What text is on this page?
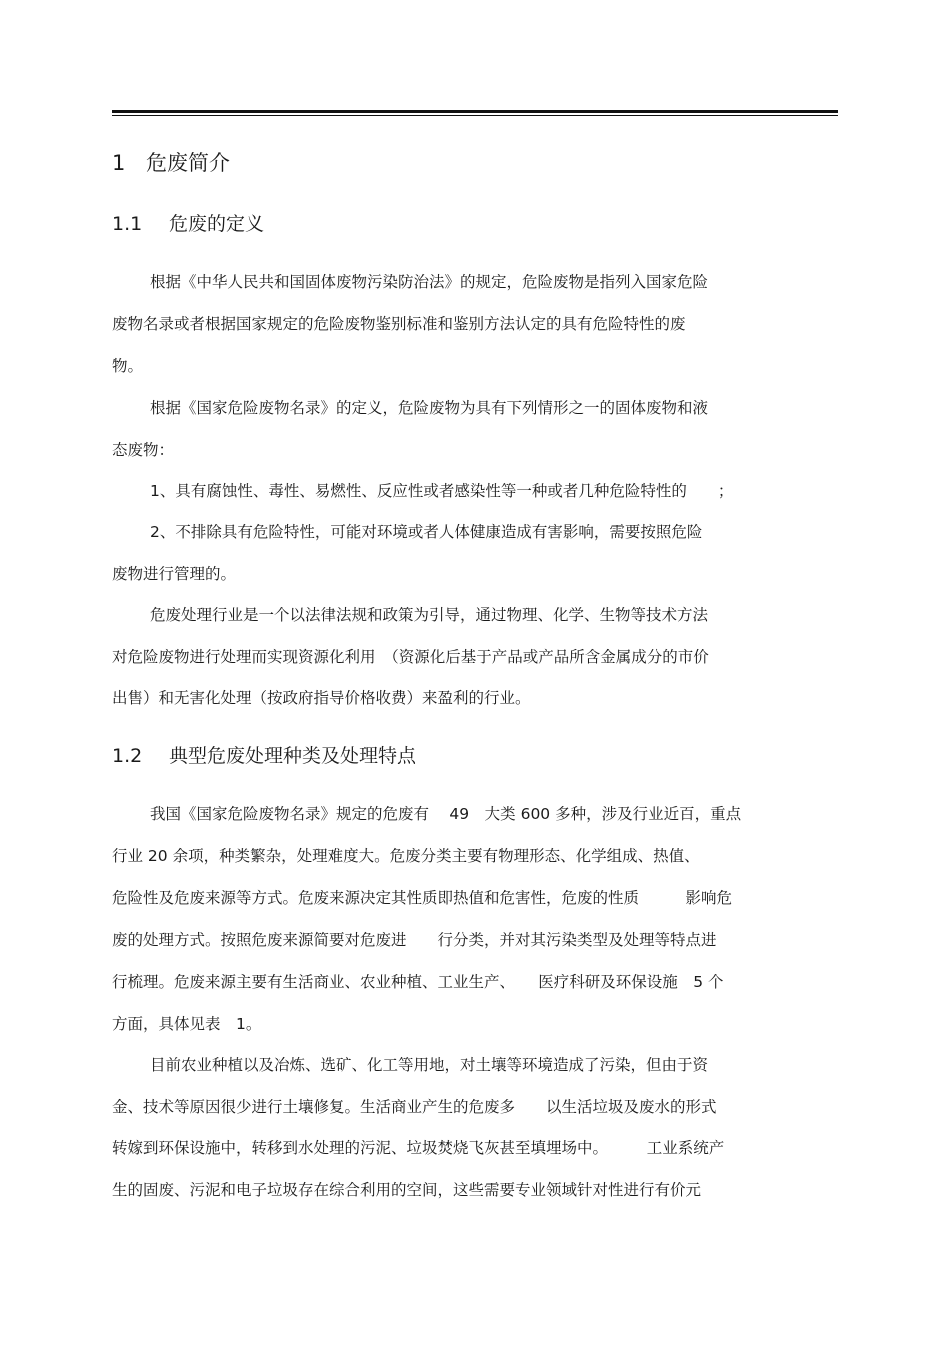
1 危废简介
1.1 危废的定义
根据《中华人民共和国固体废物污染防治法》的规定，危险废物是指列入国家危险
废物名录或者根据国家规定的危险废物鉴别标准和鉴别方法认定的具有危险特性的废
物。
根据《国家危险废物名录》的定义，危险废物为具有下列情形之一的固体废物和液
态废物：
1、具有腐蚀性、毒性、易燃性、反应性或者感染性等一种或者几种危险特性的　　；
2、不排除具有危险特性，可能对环境或者人体健康造成有害影响，需要按照危险
废物进行管理的。
危废处理行业是一个以法律法规和政策为引导，通过物理、化学、生物等技术方法
对危险废物进行处理而实现资源化利用　（资源化后基于产品或产品所含金属成分的市价
出售）和无害化处理（按政府指导价格收费）来盈利的行业。
1.2 典型危废处理种类及处理特点
我国《国家危险废物名录》规定的危废有　 49　大类 600 多种，涉及行业近百，重点
行业 20 余项，种类繁杂，处理难度大。危废分类主要有物理形态、化学组成、热值、
危险性及危废来源等方式。危废来源决定其性质即热值和危害性，危废的性质　　　影响危
废的处理方式。按照危废来源简要对危废进　　行分类，并对其污染类型及处理等特点进
行梳理。危废来源主要有生活商业、农业种植、工业生产、　　医疗科研及环保设施　5 个
方面，具体见表　1。
目前农业种植以及冶炼、选矿、化工等用地，对土壤等环境造成了污染，但由于资
金、技术等原因很少进行土壤修复。生活商业产生的危废多　　以生活垃圾及废水的形式
转嫁到环保设施中，转移到水处理的污泥、垃圾焚烧飞灰甚至填埋场中。　　　工业系统产
生的固废、污泥和电子垃圾存在综合利用的空间，这些需要专业领域针对性进行有价元
